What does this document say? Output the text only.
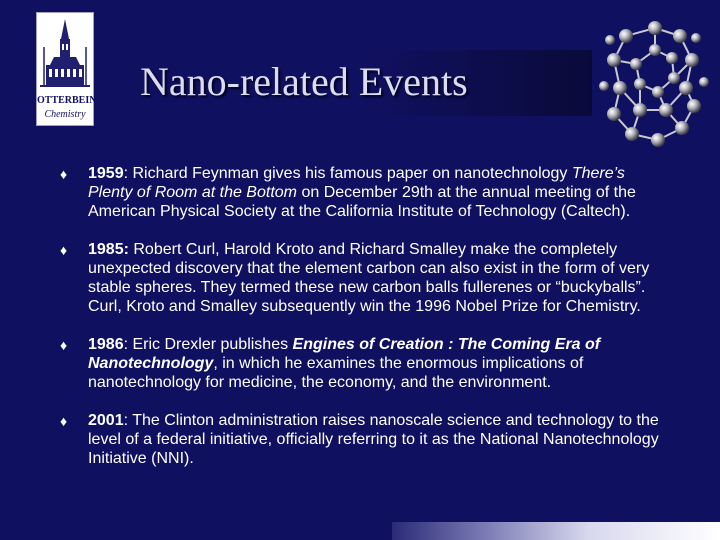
OTTERBEIN
Chemistry
Nano-related Events
♦ 1959: Richard Feynman gives his famous paper on nanotechnology There’s Plenty of Room at the Bottom on December 29th at the annual meeting of the American Physical Society at the California Institute of Technology (Caltech).
♦ 1985: Robert Curl, Harold Kroto and Richard Smalley make the completely unexpected discovery that the element carbon can also exist in the form of very stable spheres. They termed these new carbon balls fullerenes or “buckyballs”. Curl, Kroto and Smalley subsequently win the 1996 Nobel Prize for Chemistry.
♦ 1986: Eric Drexler publishes Engines of Creation : The Coming Era of Nanotechnology, in which he examines the enormous implications of nanotechnology for medicine, the economy, and the environment.
♦ 2001: The Clinton administration raises nanoscale science and technology to the level of a federal initiative, officially referring to it as the National Nanotechnology Initiative (NNI).
